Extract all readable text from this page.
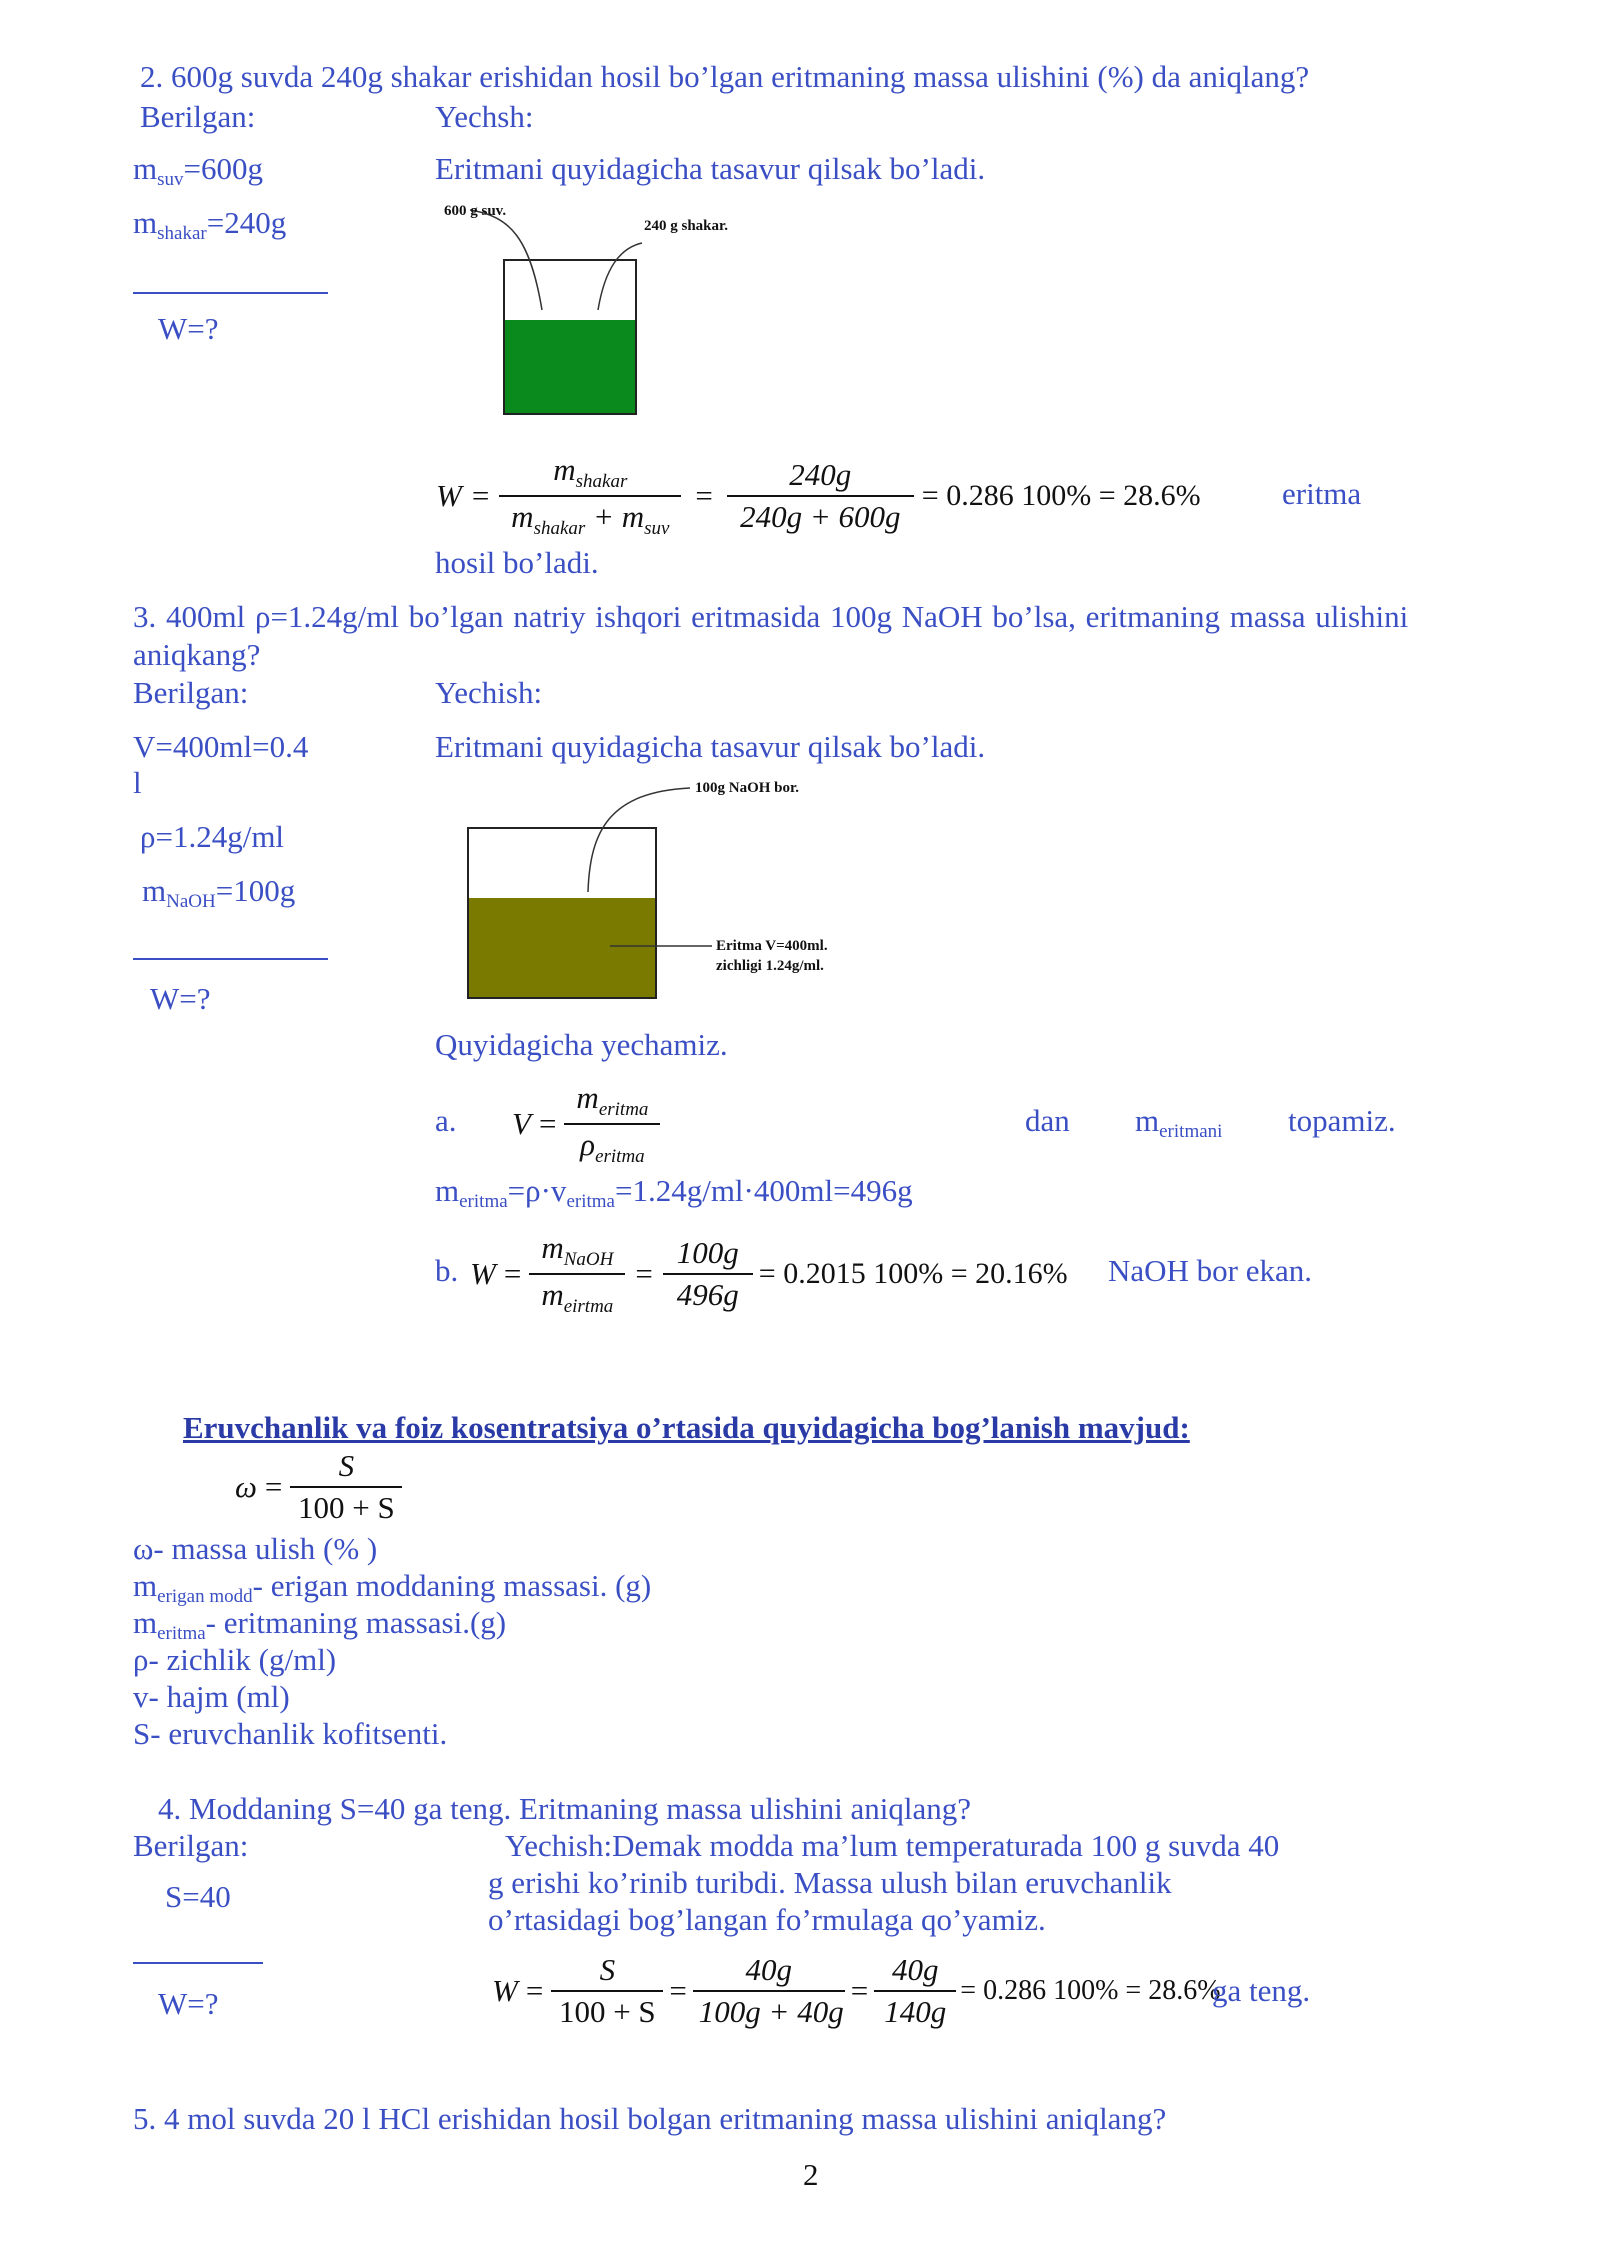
2. 600g suvda 240g shakar erishidan hosil bo’lgan eritmaning massa ulishini (%) da aniqlang?
Berilgan:	Yechsh:
$m_{suv}=600g$
$m_{shakar}=240g$
W=?
Eritmani quyidagicha tasavur qilsak bo’ladi.
600 g suv.
240 g shakar.
$W = \frac{m_{shakar}}{m_{shakar} + m_{suv}} = \frac{240g}{240g + 600g} = 0.286$ 100% = 28.6%	eritma
hosil bo’ladi.
3. 400ml ρ=1.24g/ml bo’lgan natriy ishqori eritmasida 100g NaOH bo’lsa, eritmaning massa ulishini
aniqkang?
Berilgan:	Yechish:
V=400ml=0.4
l
ρ=1.24g/ml
$m_{NaOH}=100g$
W=?
Eritmani quyidagicha tasavur qilsak bo’ladi.
100g NaOH bor.
Eritma V=400ml.
zichligi 1.24g/ml.
Quyidagicha yechamiz.
a. $V = \frac{m_{eritma}}{\rho_{eritma}}$	dan $m_{eritmani}$ topamiz.
$m_{eritma}=\rho\cdot v_{eritma}=1.24g/ml\cdot 400ml=496g$
b. $W = \frac{m_{NaOH}}{m_{eirtma}} = \frac{100g}{496g} = 0.2015$ 100% = 20.16% NaOH bor ekan.
Eruvchanlik va foiz kosentratsiya o’rtasida quyidagicha bog’lanish mavjud:
$\omega = \frac{S}{100 + S}$
ω- massa ulish (% )
$m_{erigan modd}-$ erigan moddaning massasi. (g)
$m_{eritma}-$ eritmaning massasi.(g)
ρ- zichlik (g/ml)
v- hajm (ml)
S- eruvchanlik kofitsenti.
4. Moddaning S=40 ga teng. Eritmaning massa ulishini aniqlang?
Berilgan:
S=40
W=?
Yechish:Demak modda ma’lum temperaturada 100 g suvda 40
g erishi ko’rinib turibdi. Massa ulush bilan eruvchanlik
o’rtasidagi bog’langan fo’rmulaga qo’yamiz.
$W = \frac{S}{100 + S} = \frac{40g}{100g + 40g} = \frac{40g}{140g} = 0.286$ 100% = 28.6%
ga teng.
5. 4 mol suvda 20 l HCl erishidan hosil bolgan eritmaning massa ulishini aniqlang?
2
